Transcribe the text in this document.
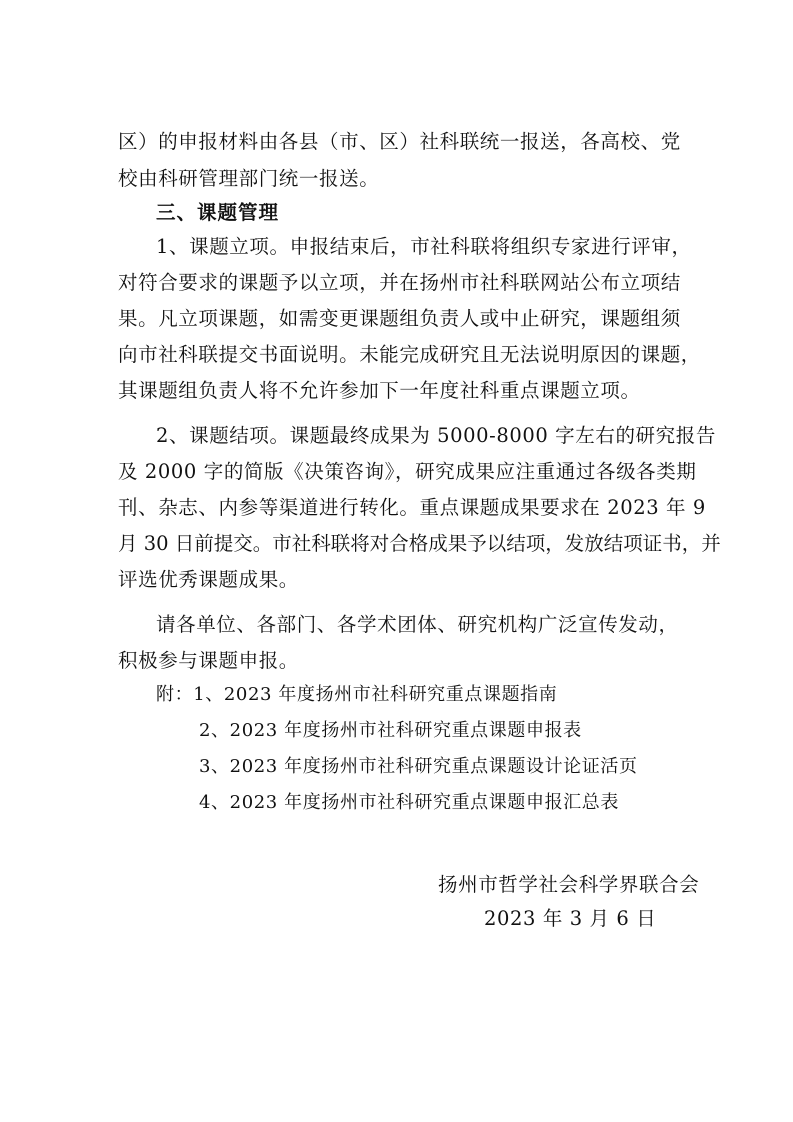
区）的申报材料由各县（市、区）社科联统一报送，各高校、党
校由科研管理部门统一报送。
三、课题管理
1、课题立项。申报结束后，市社科联将组织专家进行评审，
对符合要求的课题予以立项，并在扬州市社科联网站公布立项结
果。凡立项课题，如需变更课题组负责人或中止研究，课题组须
向市社科联提交书面说明。未能完成研究且无法说明原因的课题，
其课题组负责人将不允许参加下一年度社科重点课题立项。
2、课题结项。课题最终成果为 5000-8000 字左右的研究报告
及 2000 字的简版《决策咨询》，研究成果应注重通过各级各类期
刊、杂志、内参等渠道进行转化。重点课题成果要求在 2023 年 9
月 30 日前提交。市社科联将对合格成果予以结项，发放结项证书，并
评选优秀课题成果。
请各单位、各部门、各学术团体、研究机构广泛宣传发动，
积极参与课题申报。
附：1、2023 年度扬州市社科研究重点课题指南
2、2023 年度扬州市社科研究重点课题申报表
3、2023 年度扬州市社科研究重点课题设计论证活页
4、2023 年度扬州市社科研究重点课题申报汇总表
扬州市哲学社会科学界联合会
2023 年 3 月 6 日
